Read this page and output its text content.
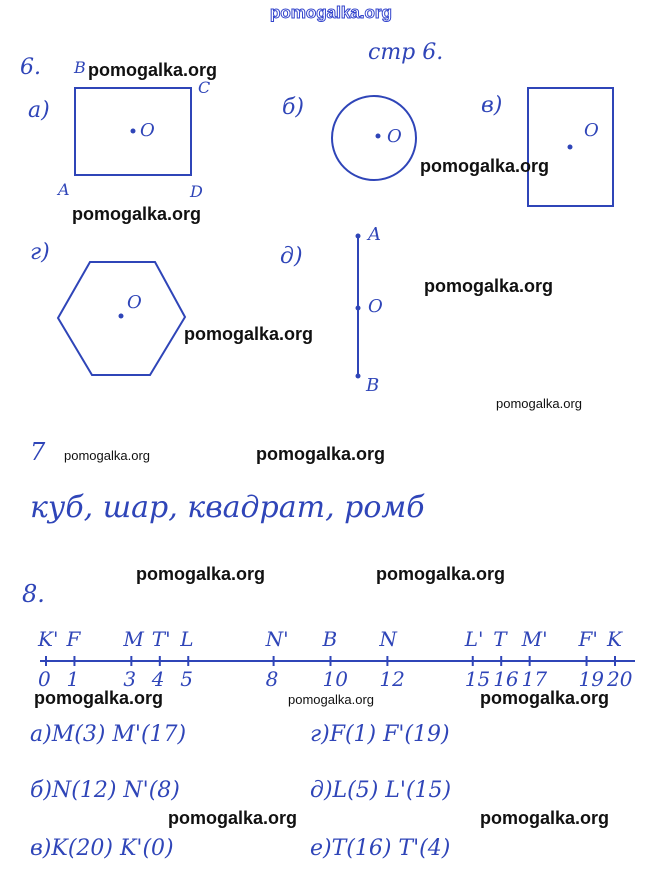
pomogalka.org
6.
стр 6.
а)
B
C
A	D
O
б)
O
в)
O
г)
O
д)
A
O
B
7
куб, шар, квадрат, ромб
8.
K' F M T' L	N' B N	L' T M' F' K
0 1 3 4 5	8 10 12	15 16 17 19 20
а)M(3) M'(17)	г)F(1) F'(19)
б)N(12) N'(8)	д)L(5) L'(15)
в)K(20) K'(0)	е)T(16) T'(4)
pomogalka.org
pomogalka.org
pomogalka.org
pomogalka.org
pomogalka.org
pomogalka.org
pomogalka.org	pomogalka.org
pomogalka.org	pomogalka.org
pomogalka.org	pomogalka.org	pomogalka.org
pomogalka.org	pomogalka.org
